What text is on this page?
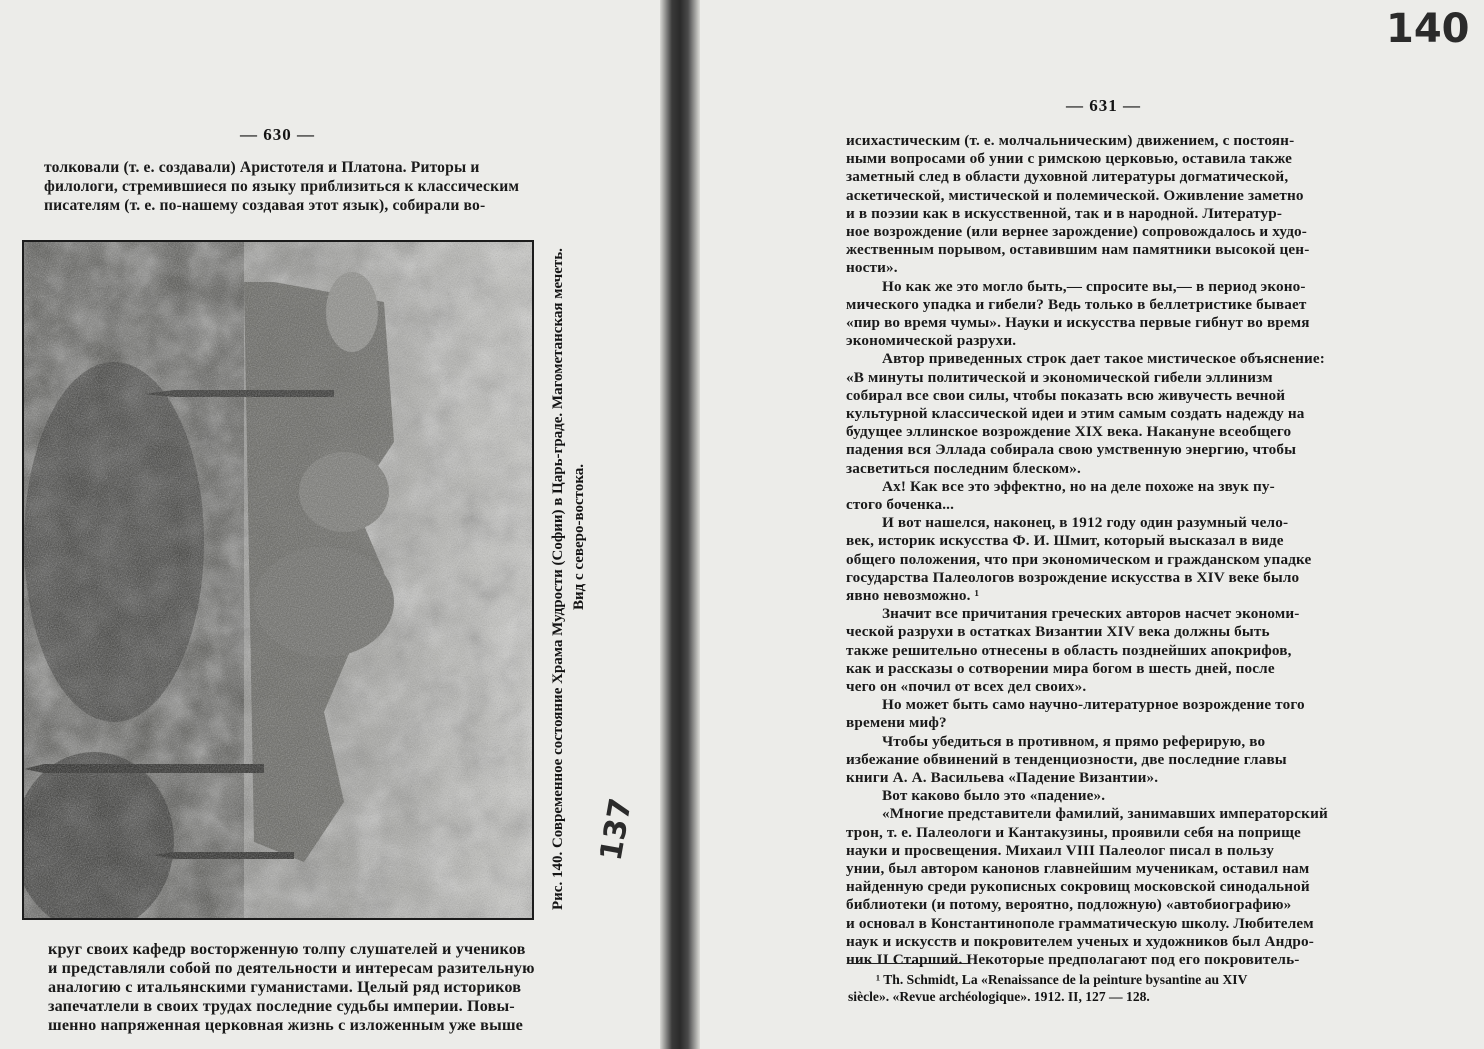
— 630 —
толковали (т. е. создавали) Аристотеля и Платона. Риторы и
филологи, стремившиеся по языку приблизиться к классическим
писателям (т. е. по-нашему создавая этот язык), собирали во-
Рис. 140. Современное состояние Храма Мудрости (Софии) в Царь-граде. Магометанская мечеть. Вид с северо-востока.
137
круг своих кафедр восторженную толпу слушателей и учеников
и представляли собой по деятельности и интересам разительную
аналогию с итальянскими гуманистами. Целый ряд историков
запечатлели в своих трудах последние судьбы империи. Повы-
шенно напряженная церковная жизнь с изложенным уже выше
140
— 631 —
исихастическим (т. е. молчальническим) движением, с постоян-
ными вопросами об унии с римскою церковью, оставила также
заметный след в области духовной литературы догматической,
аскетической, мистической и полемической. Оживление заметно
и в поэзии как в искусственной, так и в народной. Литератур-
ное возрождение (или вернее зарождение) сопровождалось и худо-
жественным порывом, оставившим нам памятники высокой цен-
ности».
Но как же это могло быть,— спросите вы,— в период эконо-
мического упадка и гибели? Ведь только в беллетристике бывает
«пир во время чумы». Науки и искусства первые гибнут во время
экономической разрухи.
Автор приведенных строк дает такое мистическое объяснение:
«В минуты политической и экономической гибели эллинизм
собирал все свои силы, чтобы показать всю живучесть вечной
культурной классической идеи и этим самым создать надежду на
будущее эллинское возрождение XIX века. Накануне всеобщего
падения вся Эллада собирала свою умственную энергию, чтобы
засветиться последним блеском».
Ах! Как все это эффектно, но на деле похоже на звук пу-
стого боченка...
И вот нашелся, наконец, в 1912 году один разумный чело-
век, историк искусства Ф. И. Шмит, который высказал в виде
общего положения, что при экономическом и гражданском упадке
государства Палеологов возрождение искусства в XIV веке было
явно невозможно. ¹
Значит все причитания греческих авторов насчет экономи-
ческой разрухи в остатках Византии XIV века должны быть
также решительно отнесены в область позднейших апокрифов,
как и рассказы о сотворении мира богом в шесть дней, после
чего он «почил от всех дел своих».
Но может быть само научно-литературное возрождение того
времени миф?
Чтобы убедиться в противном, я прямо реферирую, во
избежание обвинений в тенденциозности, две последние главы
книги А. А. Васильева «Падение Византии».
Вот каково было это «падение».
«Многие представители фамилий, занимавших императорский
трон, т. е. Палеологи и Кантакузины, проявили себя на поприще
науки и просвещения. Михаил VIII Палеолог писал в пользу
унии, был автором канонов главнейшим мученикам, оставил нам
найденную среди рукописных сокровищ московской синодальной
библиотеки (и потому, вероятно, подложную) «автобиографию»
и основал в Константинополе грамматическую школу. Любителем
наук и искусств и покровителем ученых и художников был Андро-
ник II Старший. Некоторые предполагают под его покровитель-
¹ Th. Schmidt, La «Renaissance de la peinture bysantine au XIV
siècle». «Revue archéologique». 1912. II, 127 — 128.
